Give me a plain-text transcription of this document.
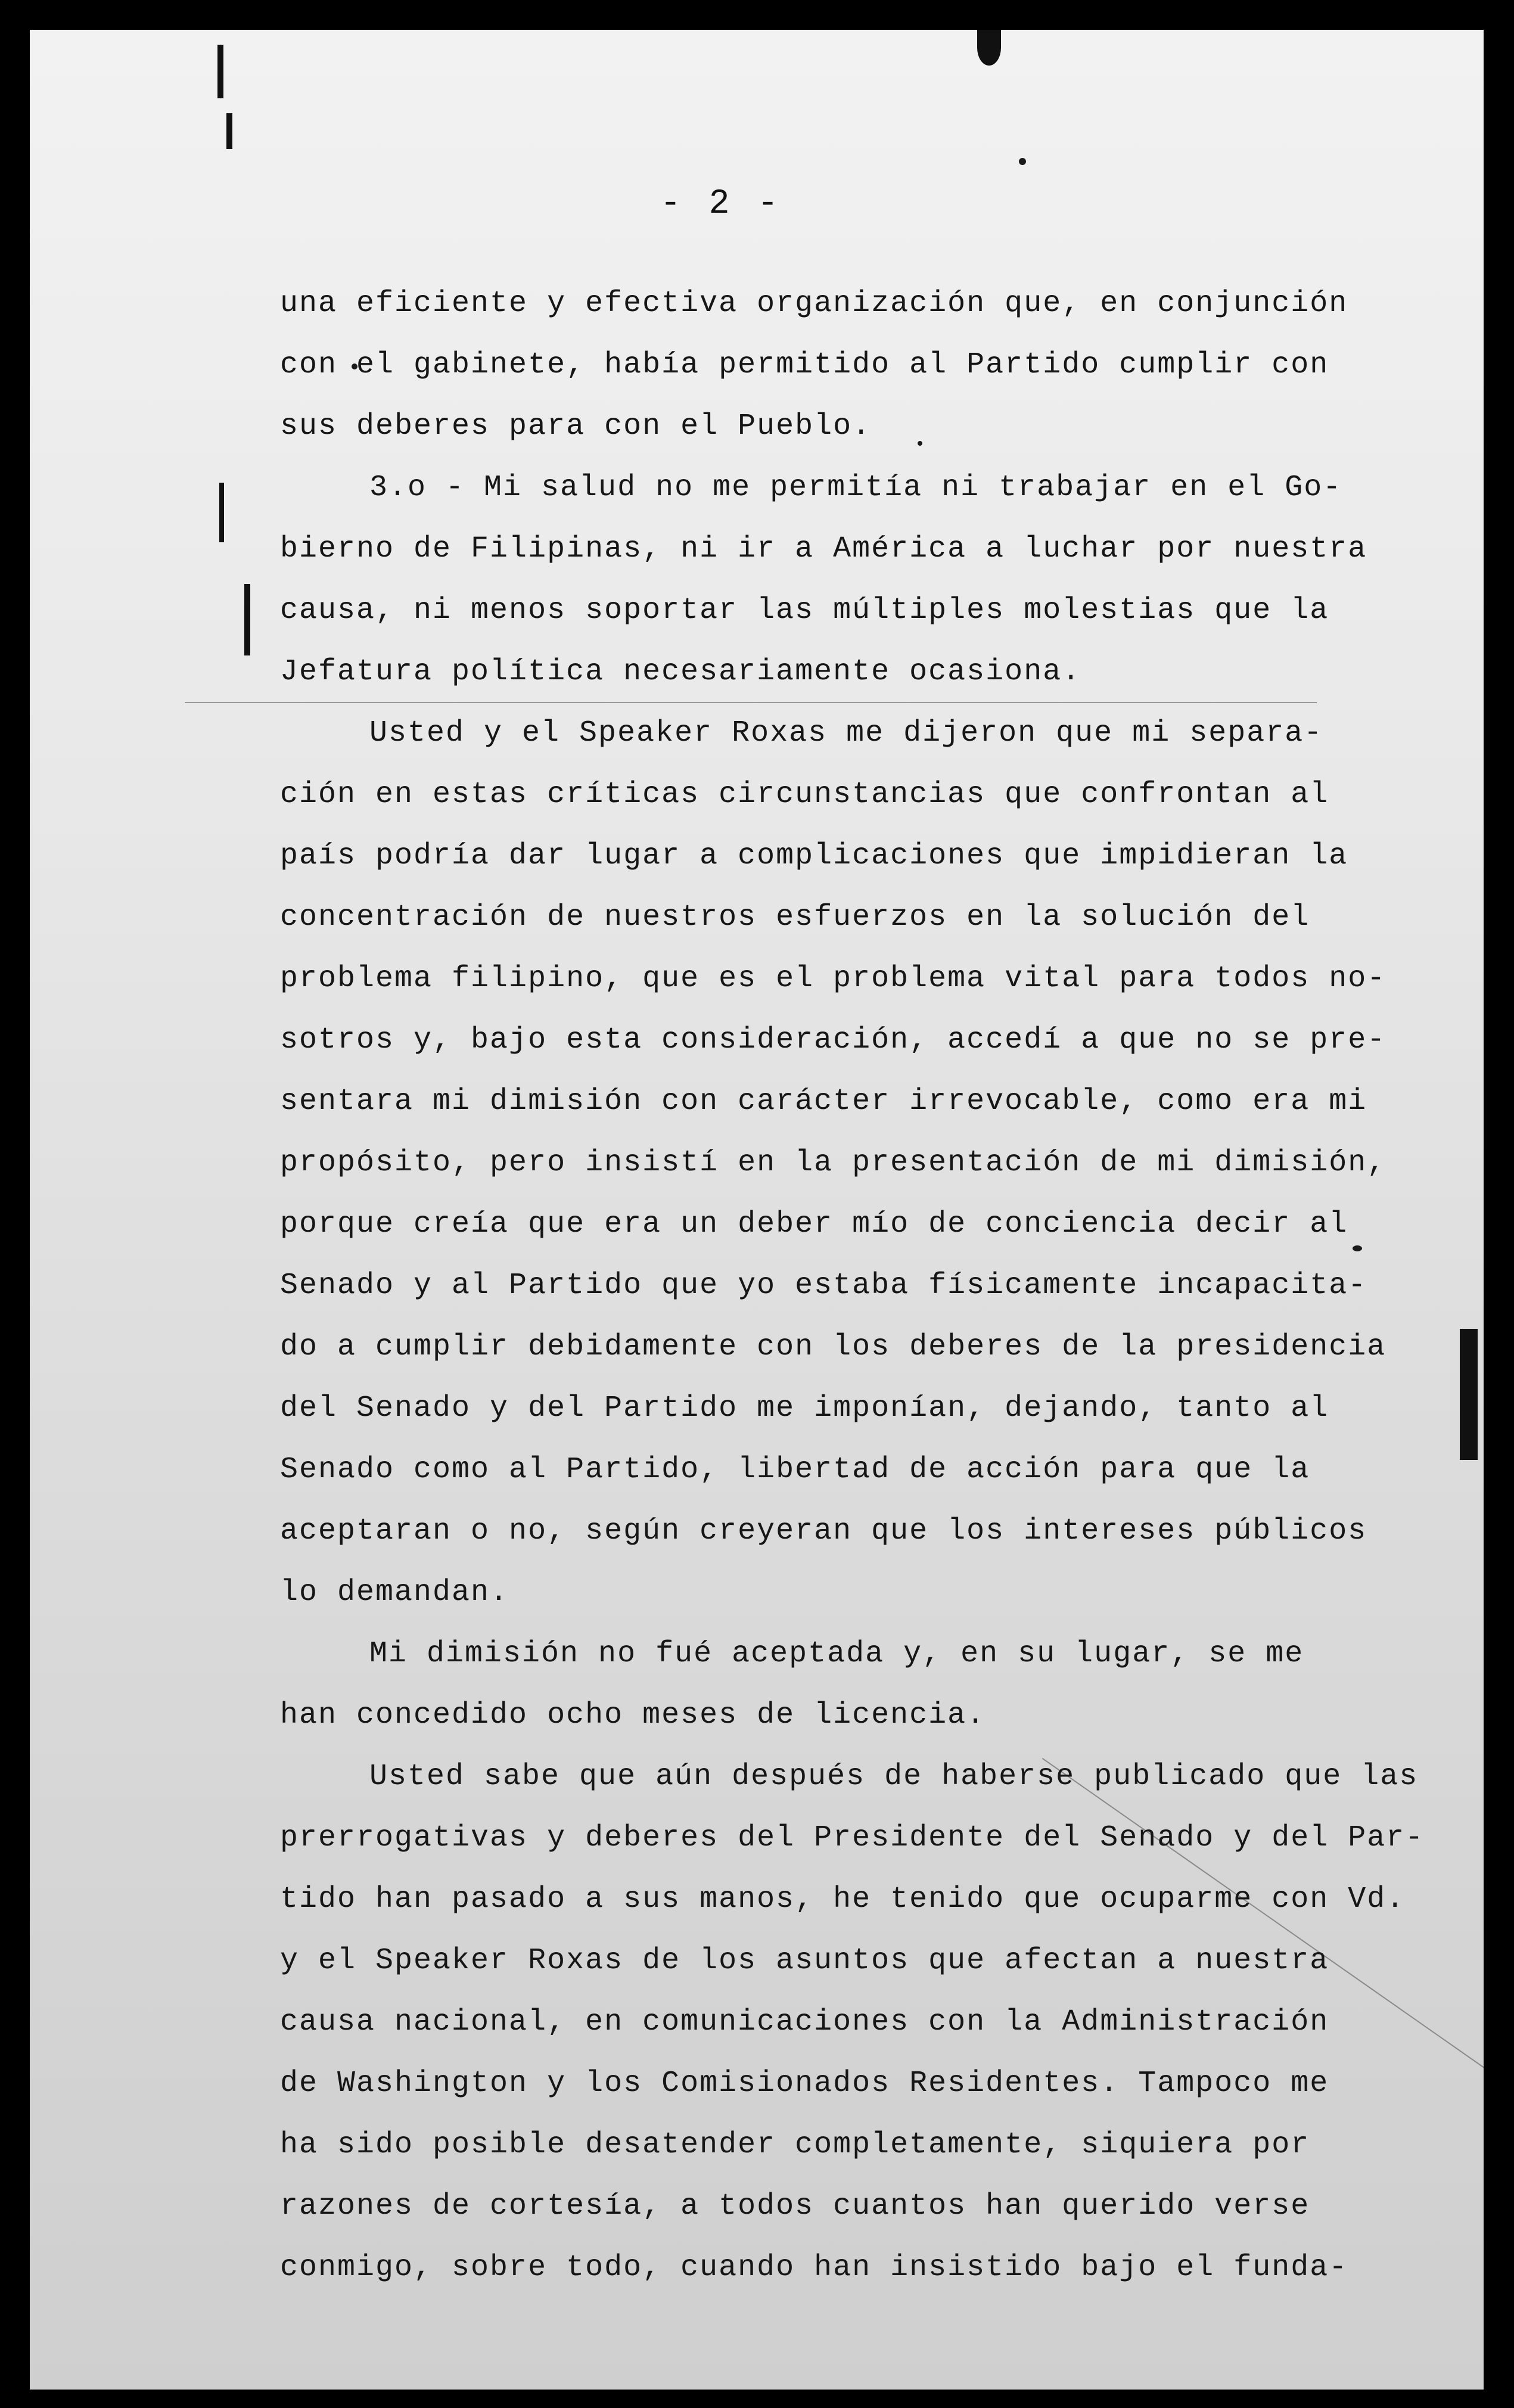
- 2 -
una eficiente y efectiva organización que, en conjunción
con el gabinete, había permitido al Partido cumplir con
sus deberes para con el Pueblo.
3.o - Mi salud no me permitía ni trabajar en el Go-
bierno de Filipinas, ni ir a América a luchar por nuestra
causa, ni menos soportar las múltiples molestias que la
Jefatura política necesariamente ocasiona.
Usted y el Speaker Roxas me dijeron que mi separa-
ción en estas críticas circunstancias que confrontan al
país podría dar lugar a complicaciones que impidieran la
concentración de nuestros esfuerzos en la solución del
problema filipino, que es el problema vital para todos no-
sotros y, bajo esta consideración, accedí a que no se pre-
sentara mi dimisión con carácter irrevocable, como era mi
propósito, pero insistí en la presentación de mi dimisión,
porque creía que era un deber mío de conciencia decir al
Senado y al Partido que yo estaba físicamente incapacita-
do a cumplir debidamente con los deberes de la presidencia
del Senado y del Partido me imponían, dejando, tanto al
Senado como al Partido, libertad de acción para que la
aceptaran o no, según creyeran que los intereses públicos
lo demandan.
Mi dimisión no fué aceptada y, en su lugar, se me
han concedido ocho meses de licencia.
Usted sabe que aún después de haberse publicado que las
prerrogativas y deberes del Presidente del Senado y del Par-
tido han pasado a sus manos, he tenido que ocuparme con Vd.
y el Speaker Roxas de los asuntos que afectan a nuestra
causa nacional, en comunicaciones con la Administración
de Washington y los Comisionados Residentes. Tampoco me
ha sido posible desatender completamente, siquiera por
razones de cortesía, a todos cuantos han querido verse
conmigo, sobre todo, cuando han insistido bajo el funda-
